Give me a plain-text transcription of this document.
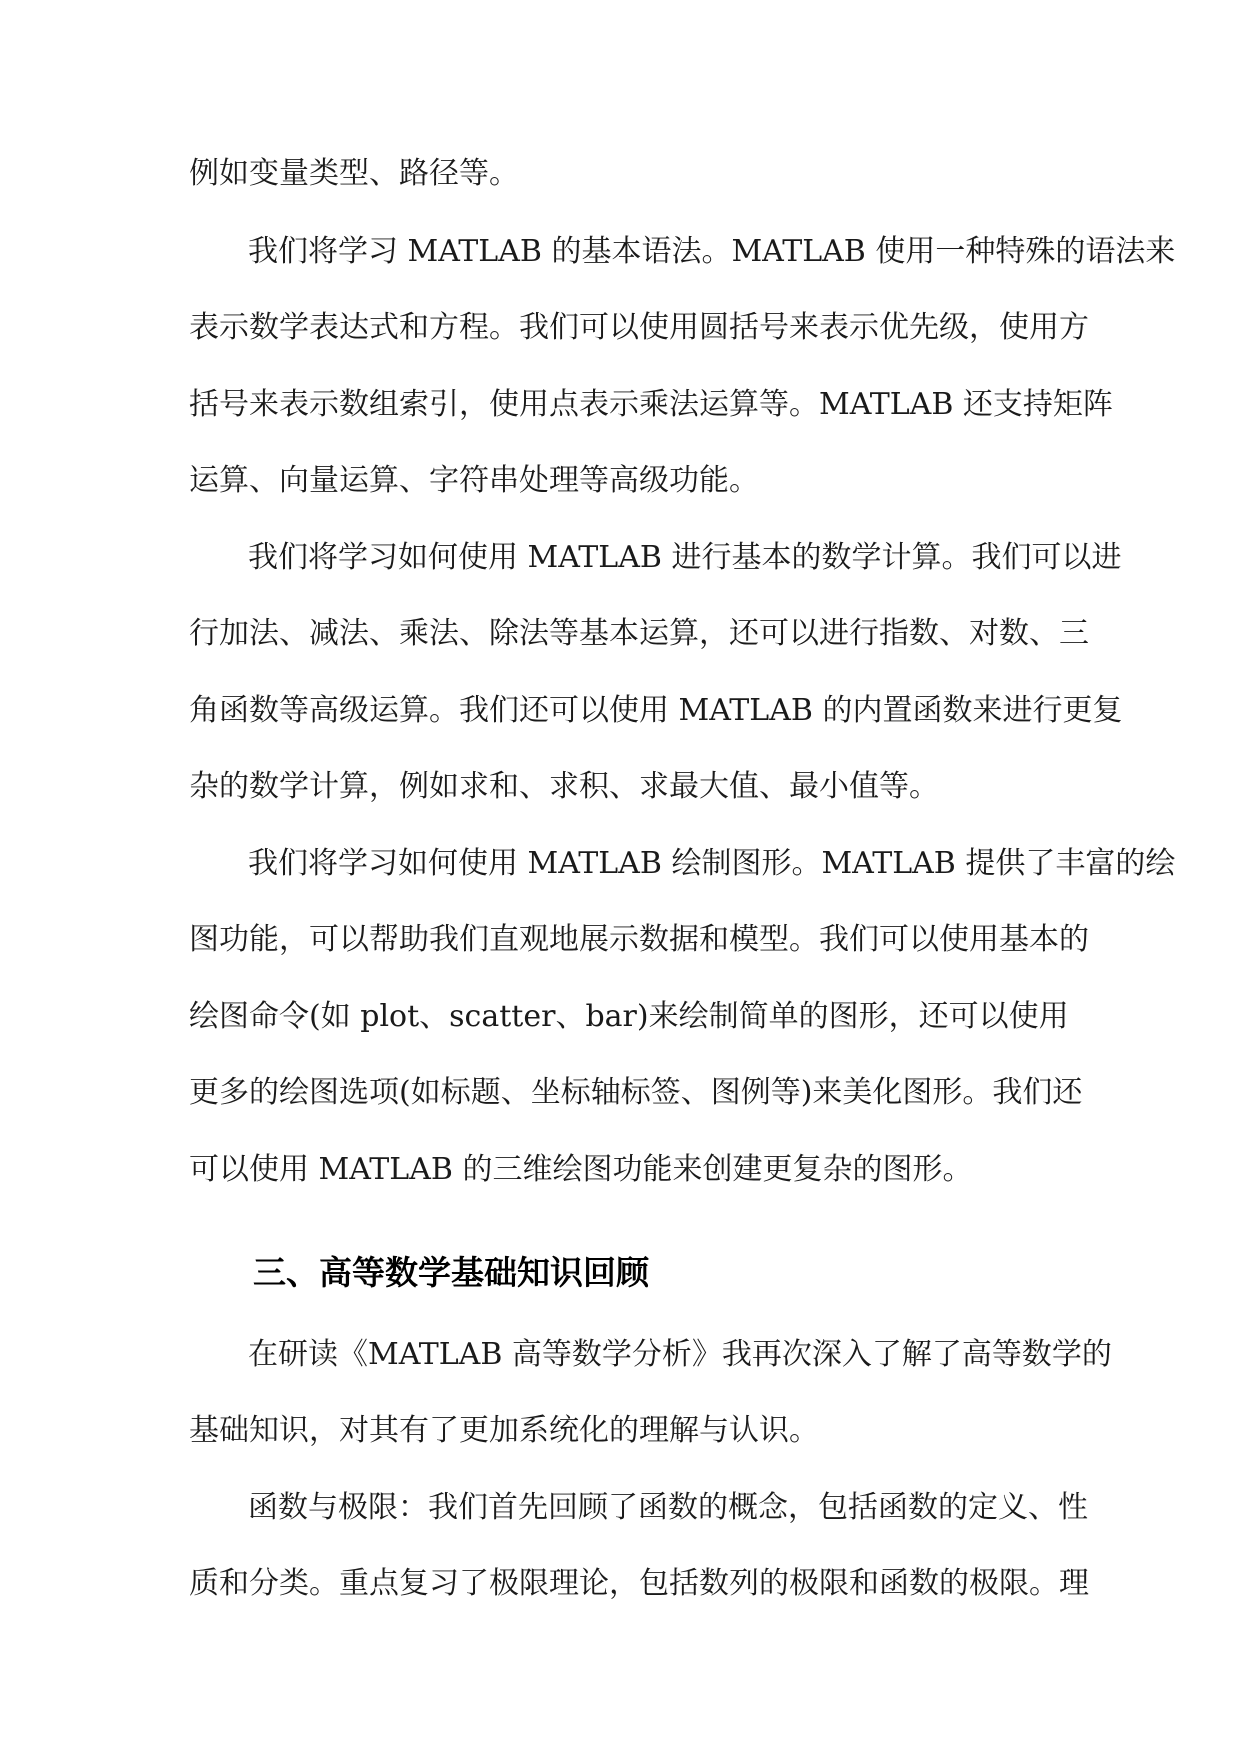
例如变量类型、路径等。
我们将学习 MATLAB 的基本语法。MATLAB 使用一种特殊的语法来
表示数学表达式和方程。我们可以使用圆括号来表示优先级，使用方
括号来表示数组索引，使用点表示乘法运算等。MATLAB 还支持矩阵
运算、向量运算、字符串处理等高级功能。
我们将学习如何使用 MATLAB 进行基本的数学计算。我们可以进
行加法、减法、乘法、除法等基本运算，还可以进行指数、对数、三
角函数等高级运算。我们还可以使用 MATLAB 的内置函数来进行更复
杂的数学计算，例如求和、求积、求最大值、最小值等。
我们将学习如何使用 MATLAB 绘制图形。MATLAB 提供了丰富的绘
图功能，可以帮助我们直观地展示数据和模型。我们可以使用基本的
绘图命令(如 plot、scatter、bar)来绘制简单的图形，还可以使用
更多的绘图选项(如标题、坐标轴标签、图例等)来美化图形。我们还
可以使用 MATLAB 的三维绘图功能来创建更复杂的图形。
三、高等数学基础知识回顾
在研读《MATLAB 高等数学分析》我再次深入了解了高等数学的
基础知识，对其有了更加系统化的理解与认识。
函数与极限：我们首先回顾了函数的概念，包括函数的定义、性
质和分类。重点复习了极限理论，包括数列的极限和函数的极限。理
